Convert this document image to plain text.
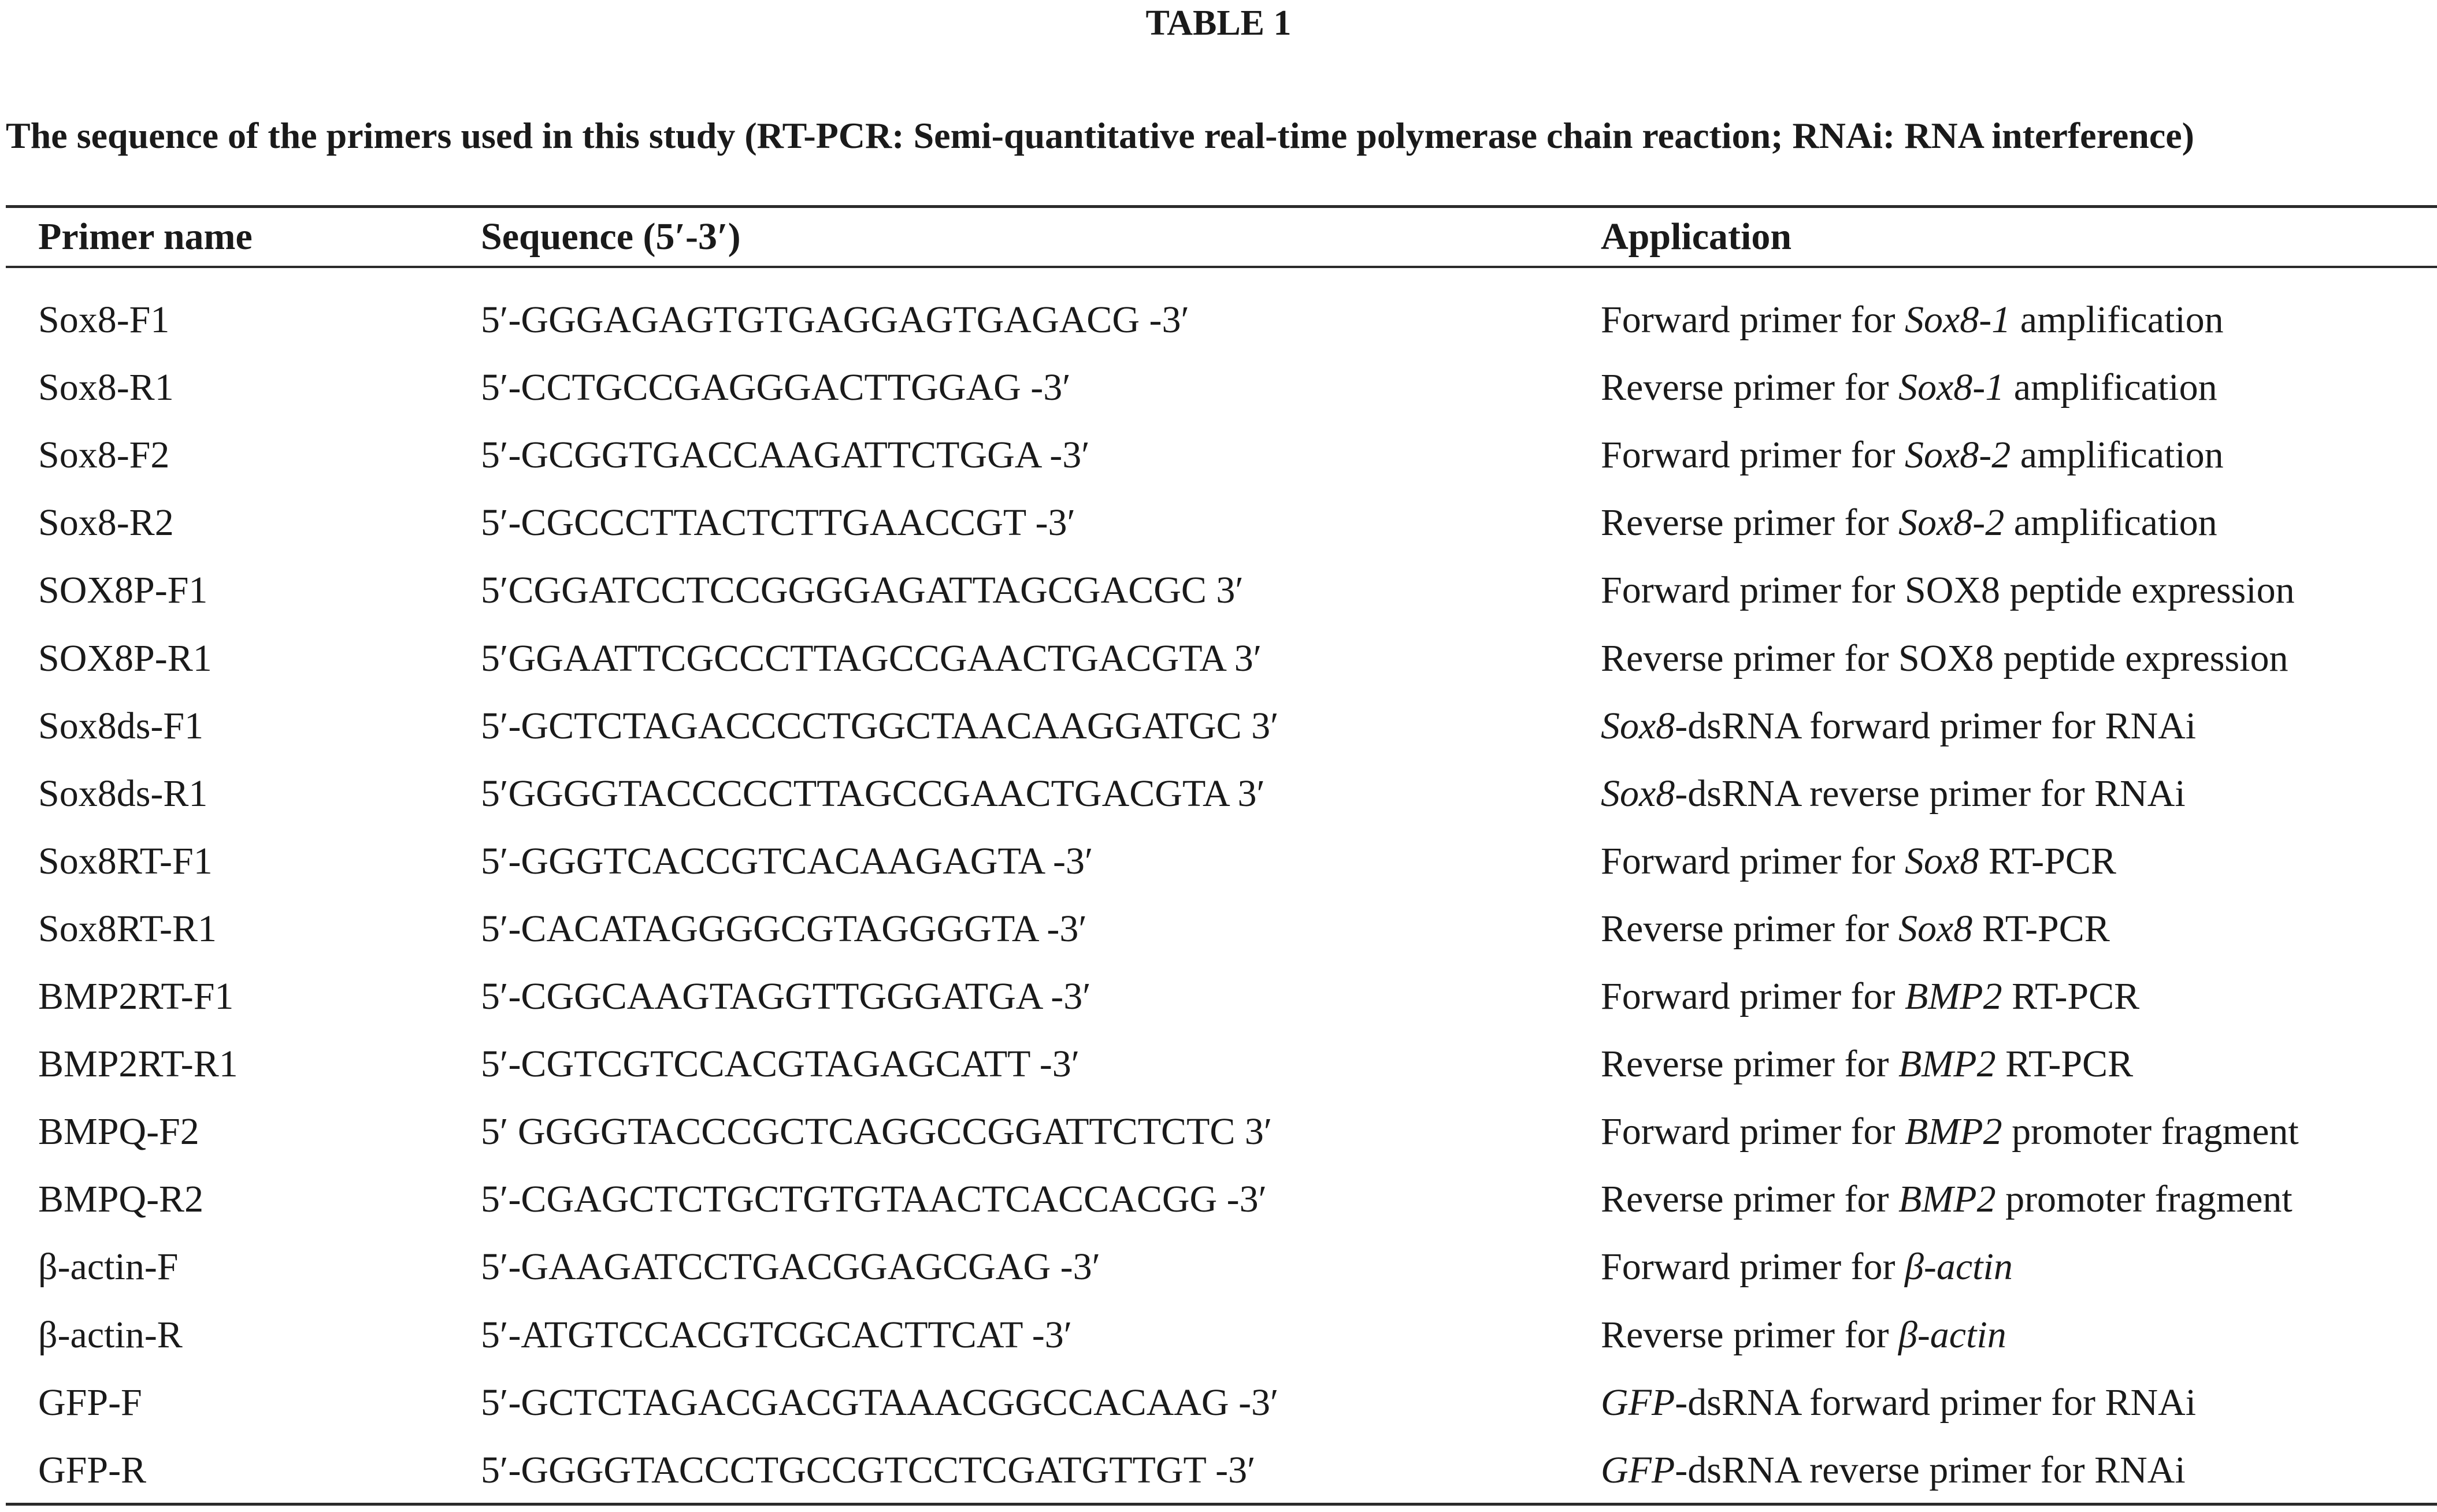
TABLE 1
The sequence of the primers used in this study (RT-PCR: Semi-quantitative real-time polymerase chain reaction; RNAi: RNA interference)
Primer name	Sequence (5′-3′)	Application
Sox8-F1	5′-GGGAGAGTGTGAGGAGTGAGACG -3′	Forward primer for Sox8-1 amplification
Sox8-R1	5′-CCTGCCGAGGGACTTGGAG -3′	Reverse primer for Sox8-1 amplification
Sox8-F2	5′-GCGGTGACCAAGATTCTGGA -3′	Forward primer for Sox8-2 amplification
Sox8-R2	5′-CGCCCTTACTCTTGAACCGT -3′	Reverse primer for Sox8-2 amplification
SOX8P-F1	5′CGGATCCTCCGGGGAGATTAGCGACGC 3′	Forward primer for SOX8 peptide expression
SOX8P-R1	5′GGAATTCGCCCTTAGCCGAACTGACGTA 3′	Reverse primer for SOX8 peptide expression
Sox8ds-F1	5′-GCTCTAGACCCCTGGCTAACAAGGATGC 3′	Sox8-dsRNA forward primer for RNAi
Sox8ds-R1	5′GGGGTACCCCCTTAGCCGAACTGACGTA 3′	Sox8-dsRNA reverse primer for RNAi
Sox8RT-F1	5′-GGGTCACCGTCACAAGAGTA -3′	Forward primer for Sox8 RT-PCR
Sox8RT-R1	5′-CACATAGGGGCGTAGGGGTA -3′	Reverse primer for Sox8 RT-PCR
BMP2RT-F1	5′-CGGCAAGTAGGTTGGGATGA -3′	Forward primer for BMP2 RT-PCR
BMP2RT-R1	5′-CGTCGTCCACGTAGAGCATT -3′	Reverse primer for BMP2 RT-PCR
BMPQ-F2	5′ GGGGTACCCGCTCAGGCCGGATTCTCTC 3′	Forward primer for BMP2 promoter fragment
BMPQ-R2	5′-CGAGCTCTGCTGTGTAACTCACCACGG -3′	Reverse primer for BMP2 promoter fragment
β-actin-F	5′-GAAGATCCTGACGGAGCGAG -3′	Forward primer for β-actin
β-actin-R	5′-ATGTCCACGTCGCACTTCAT -3′	Reverse primer for β-actin
GFP-F	5′-GCTCTAGACGACGTAAACGGCCACAAG -3′	GFP-dsRNA forward primer for RNAi
GFP-R	5′-GGGGTACCCTGCCGTCCTCGATGTTGT -3′	GFP-dsRNA reverse primer for RNAi
